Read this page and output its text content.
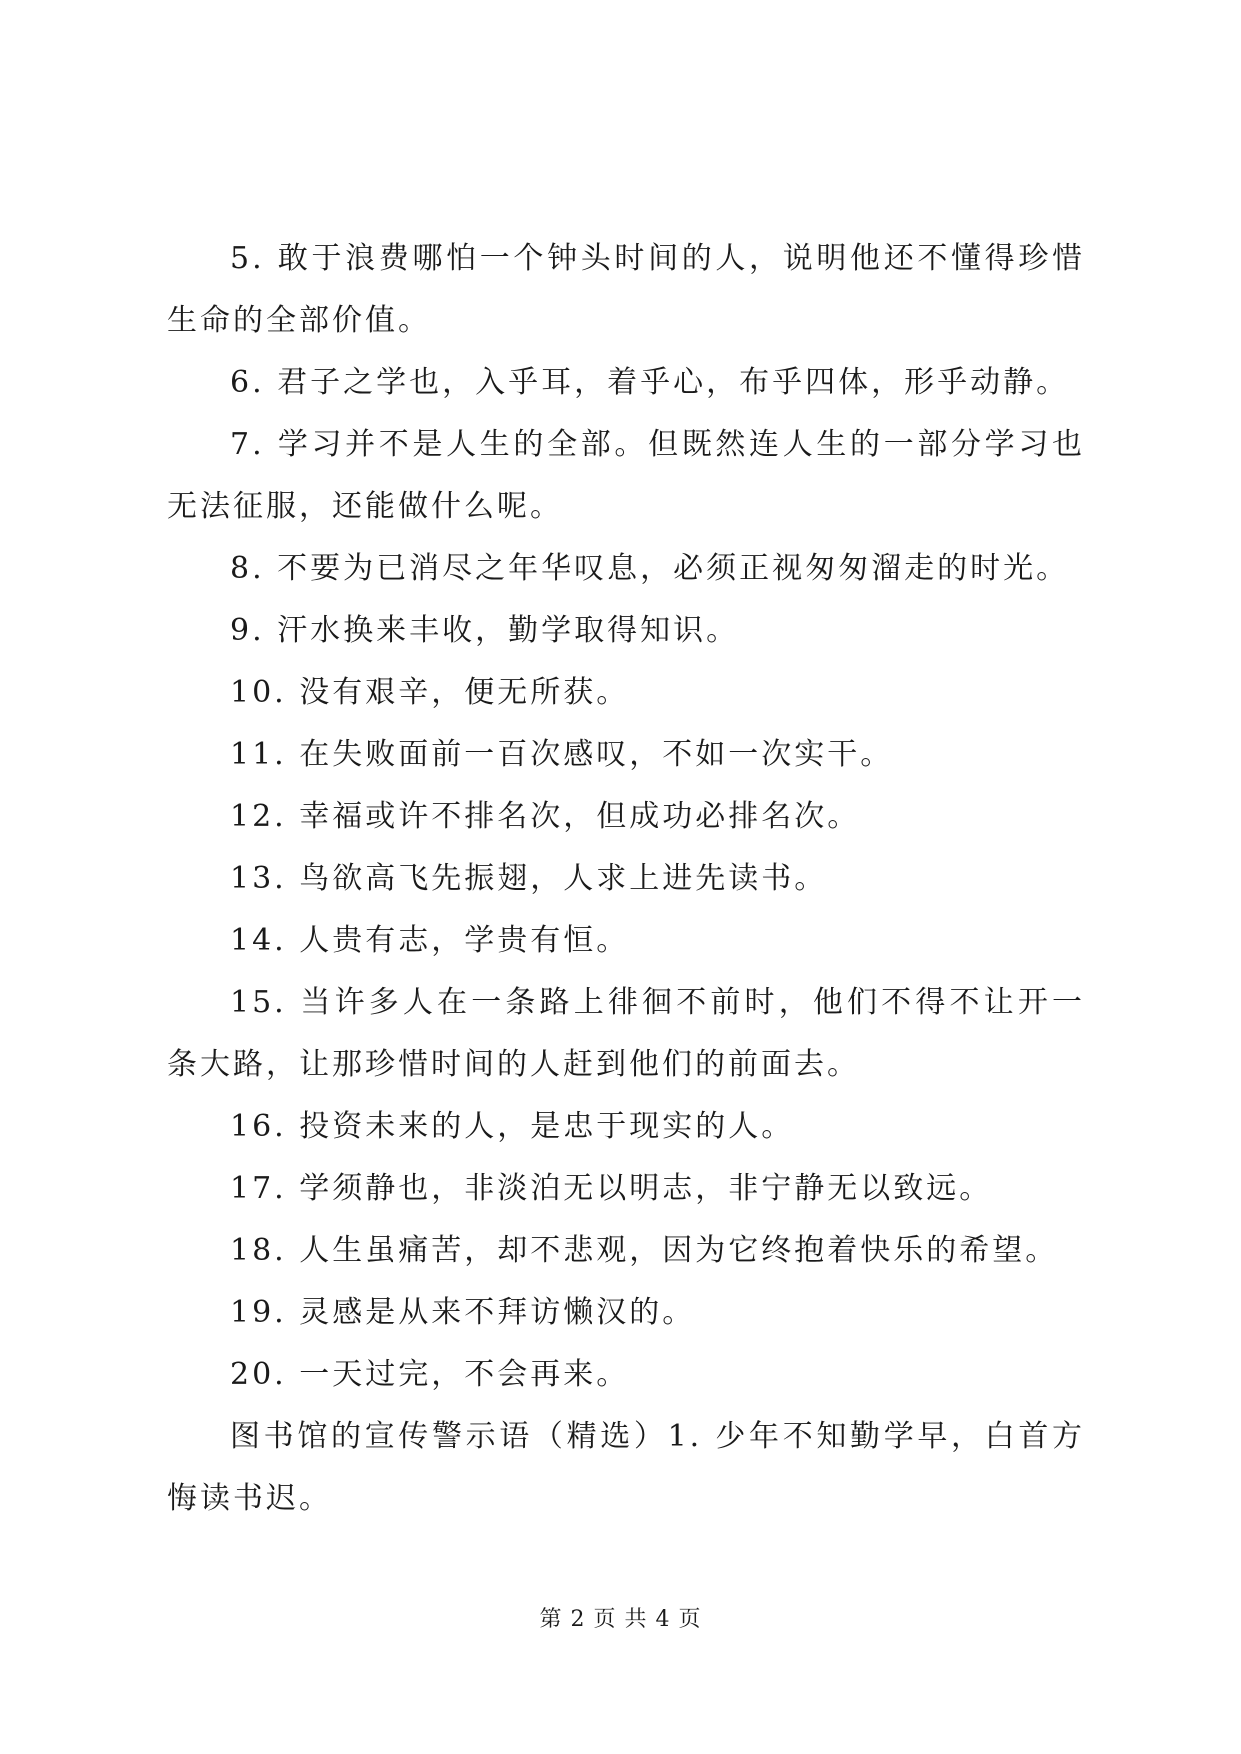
5. 敢于浪费哪怕一个钟头时间的人，说明他还不懂得珍惜生命的全部价值。

6. 君子之学也，入乎耳，着乎心，布乎四体，形乎动静。

7. 学习并不是人生的全部。但既然连人生的一部分学习也无法征服，还能做什么呢。

8. 不要为已消尽之年华叹息，必须正视匆匆溜走的时光。

9. 汗水换来丰收，勤学取得知识。

10. 没有艰辛，便无所获。

11. 在失败面前一百次感叹，不如一次实干。

12. 幸福或许不排名次，但成功必排名次。

13. 鸟欲高飞先振翅，人求上进先读书。

14. 人贵有志，学贵有恒。

15. 当许多人在一条路上徘徊不前时，他们不得不让开一条大路，让那珍惜时间的人赶到他们的前面去。

16. 投资未来的人，是忠于现实的人。

17. 学须静也，非淡泊无以明志，非宁静无以致远。

18. 人生虽痛苦，却不悲观，因为它终抱着快乐的希望。

19. 灵感是从来不拜访懒汉的。

20. 一天过完，不会再来。

图书馆的宣传警示语（精选）1. 少年不知勤学早，白首方悔读书迟。

第 2 页 共 4 页
